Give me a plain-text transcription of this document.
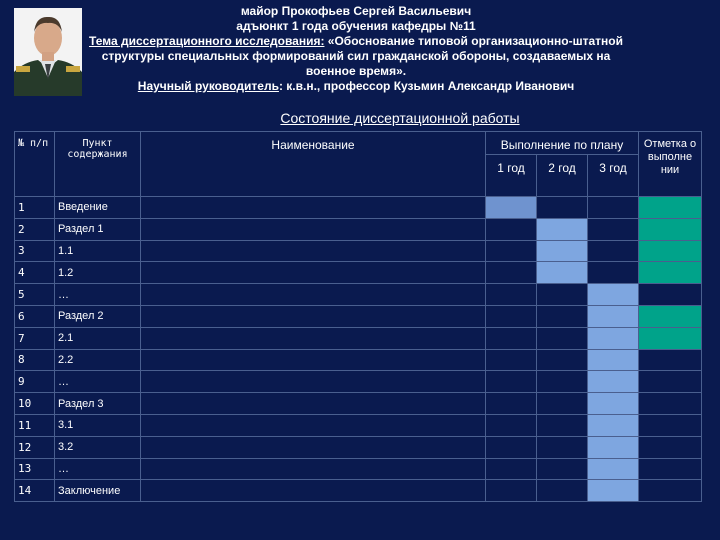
майор Прокофьев Сергей Васильевич
адъюнкт 1 года обучения кафедры №11
Тема диссертационного исследования: «Обоснование типовой организационно-штатной структуры специальных формирований сил гражданской обороны, создаваемых на военное время».
Научный руководитель: к.в.н., профессор Кузьмин Александр Иванович
Состояние диссертационной работы
№ п/п	Пункт содержания	Наименование	Выполнение по плану			Отметка о выполне нии
			1 год	2 год	3 год	
1	Введение					
2	Раздел 1					
3	1.1					
4	1.2					
5	…					
6	Раздел 2					
7	2.1					
8	2.2					
9	…					
10	Раздел 3					
11	3.1					
12	3.2					
13	…					
14	Заключение					
